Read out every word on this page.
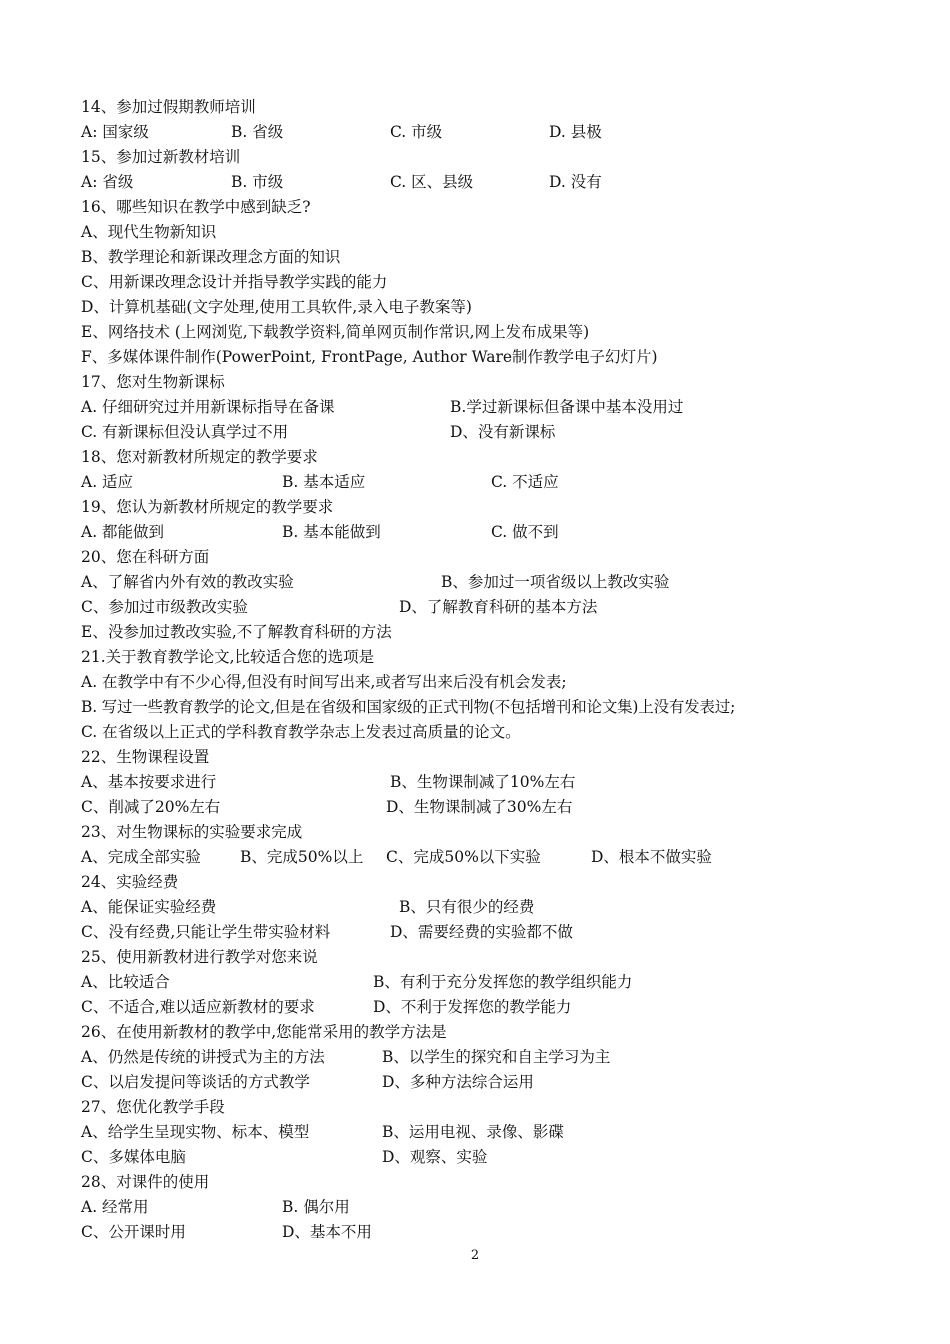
14、参加过假期教师培训
A: 国家级	B. 省级	C. 市级	D. 县极
15、参加过新教材培训
A: 省级	B. 市级	C. 区、县级	D. 没有
16、哪些知识在教学中感到缺乏?
A、现代生物新知识
B、教学理论和新课改理念方面的知识
C、用新课改理念设计并指导教学实践的能力
D、计算机基础(文字处理,使用工具软件,录入电子教案等)
E、网络技术 (上网浏览,下载教学资料,简单网页制作常识,网上发布成果等)
F、多媒体课件制作(PowerPoint, FrontPage, Author Ware制作教学电子幻灯片)
17、您对生物新课标
A. 仔细研究过并用新课标指导在备课	B.学过新课标但备课中基本没用过
C. 有新课标但没认真学过不用	D、没有新课标
18、您对新教材所规定的教学要求
A. 适应	B. 基本适应	C. 不适应
19、您认为新教材所规定的教学要求
A. 都能做到	B. 基本能做到	C. 做不到
20、您在科研方面
A、了解省内外有效的教改实验	B、参加过一项省级以上教改实验
C、参加过市级教改实验	D、了解教育科研的基本方法
E、没参加过教改实验,不了解教育科研的方法
21.关于教育教学论文,比较适合您的选项是
A. 在教学中有不少心得,但没有时间写出来,或者写出来后没有机会发表;
B. 写过一些教育教学的论文,但是在省级和国家级的正式刊物(不包括增刊和论文集)上没有发表过;
C. 在省级以上正式的学科教育教学杂志上发表过高质量的论文。
22、生物课程设置
A、基本按要求进行	B、生物课制减了10%左右
C、削减了20%左右	D、生物课制减了30%左右
23、对生物课标的实验要求完成
A、完成全部实验	B、完成50%以上 C、完成50%以下实验	D、根本不做实验
24、实验经费
A、能保证实验经费	B、只有很少的经费
C、没有经费,只能让学生带实验材料	D、需要经费的实验都不做
25、使用新教材进行教学对您来说
A、比较适合	B、有利于充分发挥您的教学组织能力
C、不适合,难以适应新教材的要求	D、不利于发挥您的教学能力
26、在使用新教材的教学中,您能常采用的教学方法是
A、仍然是传统的讲授式为主的方法	B、以学生的探究和自主学习为主
C、以启发提问等谈话的方式教学	D、多种方法综合运用
27、您优化教学手段
A、给学生呈现实物、标本、模型	B、运用电视、录像、影碟
C、多媒体电脑	D、观察、实验
28、对课件的使用
A. 经常用	B. 偶尔用
C、公开课时用	D、基本不用
2
